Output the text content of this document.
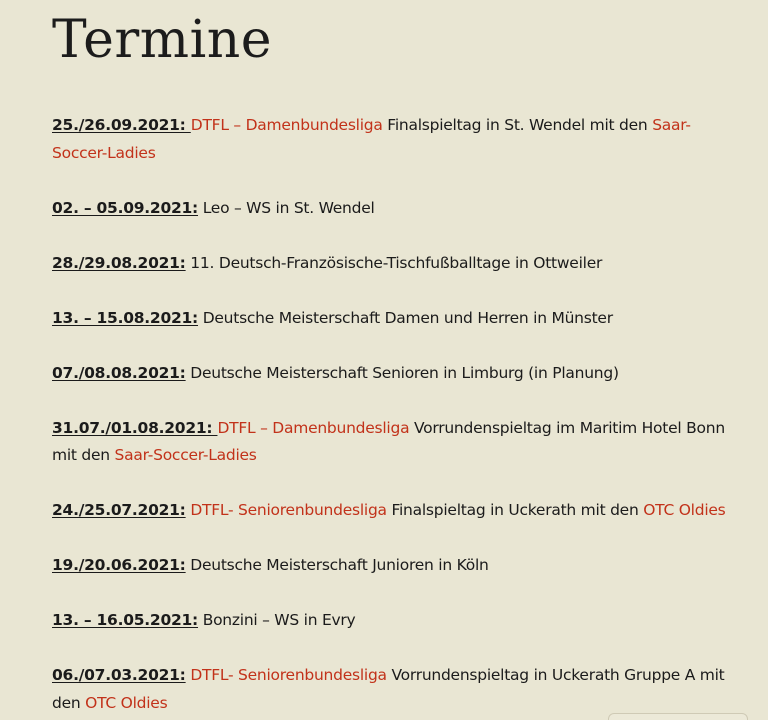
Termine

25./26.09.2021: DTFL – Damenbundesliga Finalspieltag in St. Wendel mit den Saar-Soccer-Ladies

02. – 05.09.2021: Leo – WS in St. Wendel

28./29.08.2021: 11. Deutsch-Französische-Tischfußballtage in Ottweiler

13. – 15.08.2021: Deutsche Meisterschaft Damen und Herren in Münster

07./08.08.2021: Deutsche Meisterschaft Senioren in Limburg (in Planung)

31.07./01.08.2021: DTFL – Damenbundesliga Vorrundenspieltag im Maritim Hotel Bonn mit den Saar-Soccer-Ladies

24./25.07.2021: DTFL- Seniorenbundesliga Finalspieltag in Uckerath mit den OTC Oldies

19./20.06.2021: Deutsche Meisterschaft Junioren in Köln

13. – 16.05.2021: Bonzini – WS in Evry

06./07.03.2021: DTFL- Seniorenbundesliga Vorrundenspieltag in Uckerath Gruppe A mit den OTC Oldies
